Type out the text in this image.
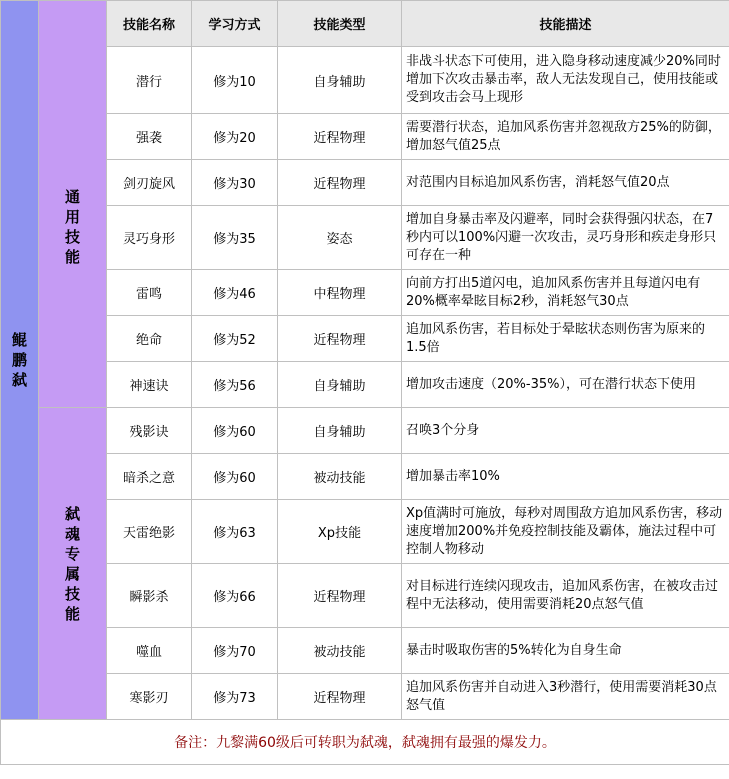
鲲鹏弑		技能名称	学习方式	技能类型	技能描述
	通用技能	潜行	修为10	自身辅助	非战斗状态下可使用，进入隐身移动速度减少20%同时增加下次攻击暴击率，敌人无法发现自己，使用技能或受到攻击会马上现形
		强袭	修为20	近程物理	需要潜行状态，追加风系伤害并忽视敌方25%的防御，增加怒气值25点
		剑刃旋风	修为30	近程物理	对范围内目标追加风系伤害，消耗怒气值20点
		灵巧身形	修为35	姿态	增加自身暴击率及闪避率，同时会获得强闪状态，在7秒内可以100%闪避一次攻击，灵巧身形和疾走身形只可存在一种
		雷鸣	修为46	中程物理	向前方打出5道闪电，追加风系伤害并且每道闪电有20%概率晕眩目标2秒，消耗怒气30点
		绝命	修为52	近程物理	追加风系伤害，若目标处于晕眩状态则伤害为原来的1.5倍
		神速诀	修为56	自身辅助	增加攻击速度（20%-35%），可在潜行状态下使用
	弑魂专属技能	残影诀	修为60	自身辅助	召唤3个分身
		暗杀之意	修为60	被动技能	增加暴击率10%
		天雷绝影	修为63	Xp技能	Xp值满时可施放，每秒对周围敌方追加风系伤害，移动速度增加200%并免疫控制技能及霸体，施法过程中可控制人物移动
		瞬影杀	修为66	近程物理	对目标进行连续闪现攻击，追加风系伤害，在被攻击过程中无法移动，使用需要消耗20点怒气值
		噬血	修为70	被动技能	暴击时吸取伤害的5%转化为自身生命
		寒影刃	修为73	近程物理	追加风系伤害并自动进入3秒潜行，使用需要消耗30点怒气值
备注：九黎满60级后可转职为弑魂，弑魂拥有最强的爆发力。					
